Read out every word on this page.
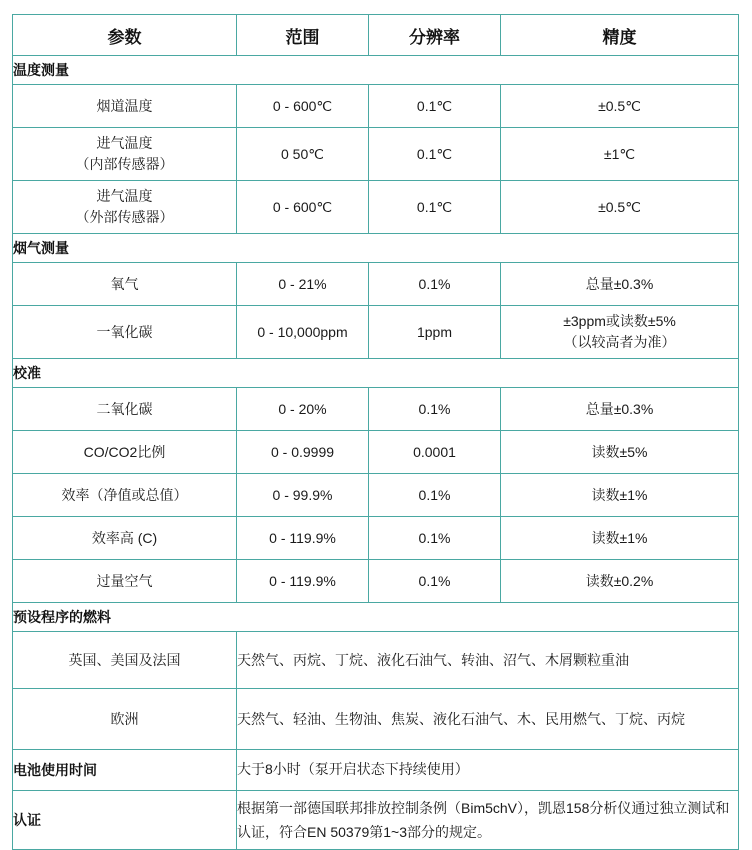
参数	范围	分辨率	精度
温度测量			
烟道温度	0 - 600℃	0.1℃	±0.5℃

进气温度
（内部传感器）	0 50℃	0.1℃	±1℃

进气温度
（外部传感器）	0 - 600℃	0.1℃	±0.5℃
烟气测量			
氧气	0 - 21%	0.1%	总量±0.3%
一氧化碳	0 - 10,000ppm	1ppm	±3ppm或读数±5%
（以较高者为准）

校准			
二氧化碳	0 - 20%	0.1%	总量±0.3%
CO/CO2比例	0 - 0.9999	0.0001	读数±5%
效率（净值或总值）	0 - 99.9%	0.1%	读数±1%
效率高 (C)	0 - 119.9%	0.1%	读数±1%
过量空气	0 - 119.9%	0.1%	读数±0.2%
预设程序的燃料			
英国、美国及法国	天然气、丙烷、丁烷、液化石油气、转油、沼气、木屑颗粒重油		
欧洲	天然气、轻油、生物油、焦炭、液化石油气、木、民用燃气、丁烷、丙烷		
电池使用时间	大于8小时（泵开启状态下持续使用）		
认证	根据第一部德国联邦排放控制条例（Bim5chV），凯恩158分析仪通过独立测试和认证，符合EN 50379第1~3部分的规定。		
